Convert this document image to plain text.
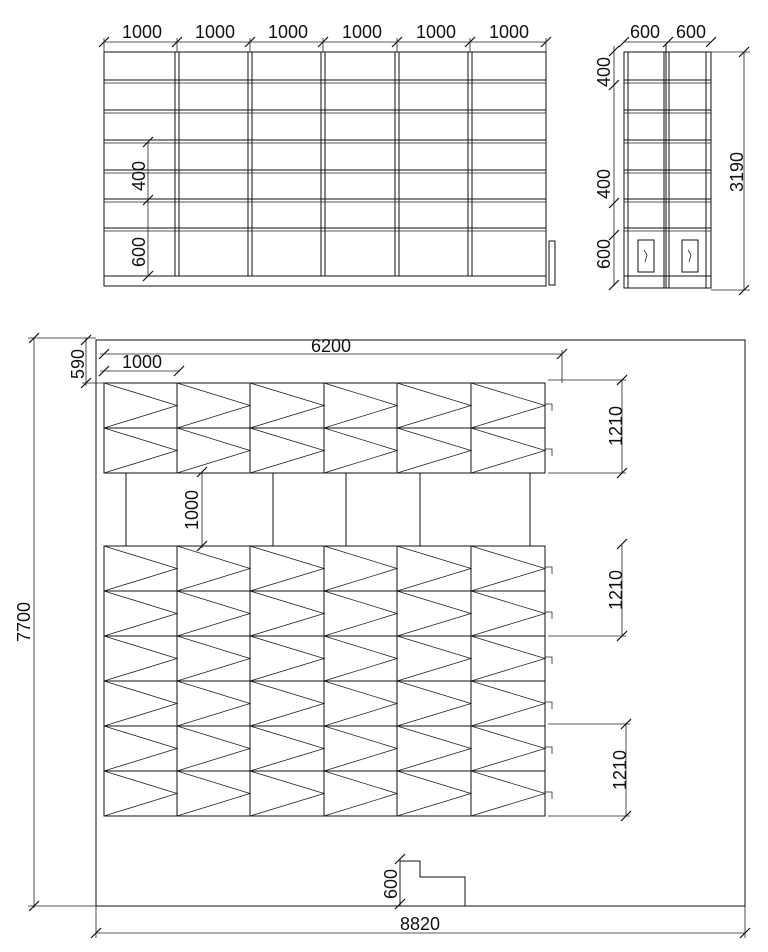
1000 1000 1000 1000 1000 1000
400
600
600 600
400
400
600
3190
6200
1000
590
1000
1210
1210
1210
7700
8820
600
